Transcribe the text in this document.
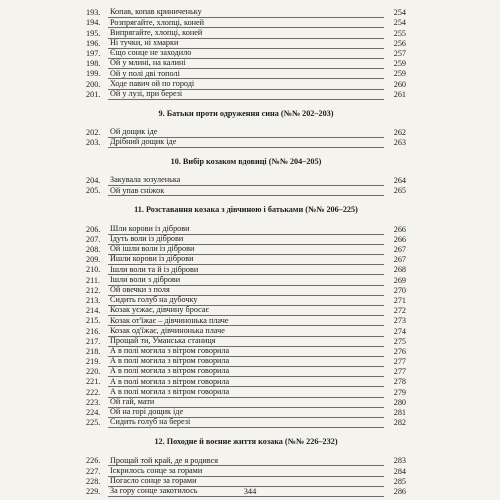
193.	Копав, копав криниченьку	254
194.	Розпрягайте, хлопці, коней	254
195.	Випрягайте, хлопці, коней	255
196.	Ні тучки, ні хмарки	256
197.	Єщо сонце не заходило	257
198.	Ой у млині, на калині	259
199.	Ой у полі дві тополі	259
200.	Ходе павич ой по городі	260
201.	Ой у лузі, при березі	261
9. Батьки проти одруження сина (№№ 202–203)
202.	Ой дощик іде	262
203.	Дрібний дощик іде	263
10. Вибір козаком вдовиці (№№ 204–205)
204.	Закувала зозуленька	264
205.	Ой упав сніжок	265
11. Розставання козака з дівчиною і батьками (№№ 206–225)
206.	Шли корови із діброви	266
207.	Ідуть воли із діброви	266
208.	Ой ішли воли із діброви	267
209.	Йшли корови із діброви	267
210.	Ішли воли та й із діброви	268
211.	Ішли воли з діброви	269
212.	Ой овечки з поля	270
213.	Сидить голуб на дубочку	271
214.	Козак уєжає, дівчину бросає	272
215.	Козак от'їжає – дівчинонька плаче	273
216.	Козак од'їжає, дівчинонька плаче	274
217.	Прощай ти, Уманська станиця	275
218.	А в полі могила з вітром говорила	276
219.	А в полі могила з вітром говорила	277
220.	А в полі могила з вітром говорила	277
221.	А в полі могила з вітром говорила	278
222.	А в полі могила з вітром говорила	279
223.	Ой гай, мати	280
224.	Ой на горі дощик іде	281
225.	Сидить голуб на березі	282
12. Походне й воєнне життя козака (№№ 226–232)
226.	Прощай той край, де я родився	283
227.	Іскрилось сонце за горами	284
228.	Погасло сонце за горами	285
229.	За гору сонце закотилось	286
344
